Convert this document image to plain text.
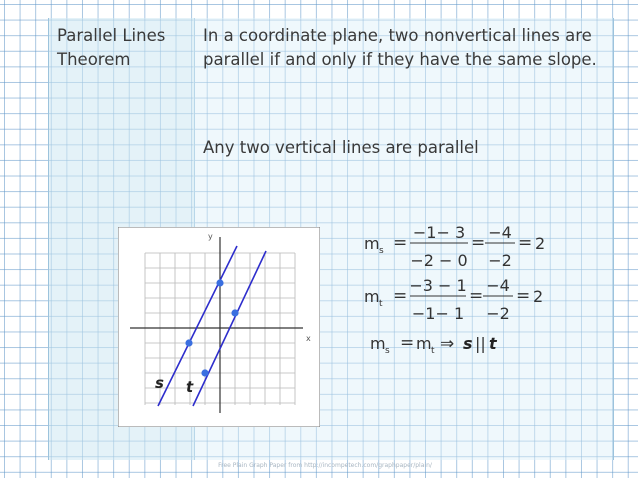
Parallel Lines Theorem
In a coordinate plane, two nonvertical lines are parallel if and only if they have the same slope.
Any two vertical lines are parallel
x
y
s t
m s =
−1− 3
−2 − 0
=
−4
−2
= 2
m t =
−3 − 1
−1− 1
=
−4
−2
= 2
m s = m t ⇒ s || t
Free Plain Graph Paper from http://incompetech.com/graphpaper/plain/
